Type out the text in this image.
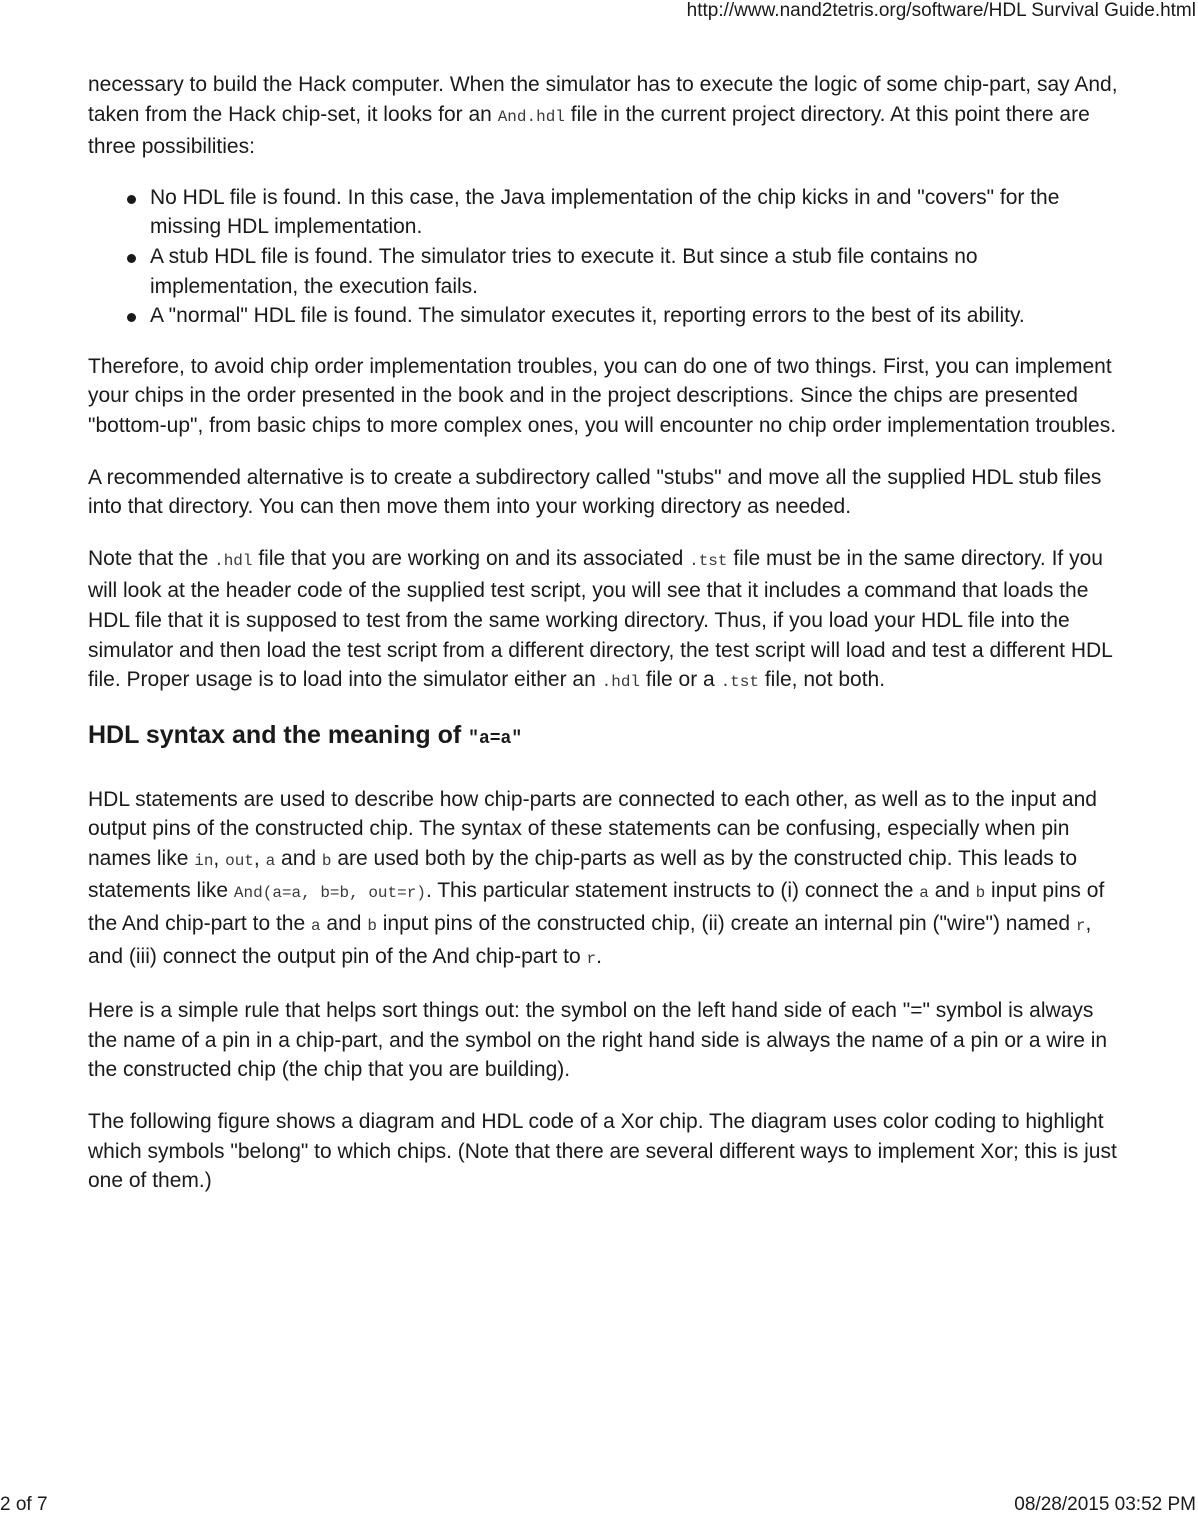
http://www.nand2tetris.org/software/HDL Survival Guide.html

necessary to build the Hack computer. When the simulator has to execute the logic of some chip-part, say And, taken from the Hack chip-set, it looks for an And.hdl file in the current project directory. At this point there are three possibilities:

No HDL file is found. In this case, the Java implementation of the chip kicks in and "covers" for the missing HDL implementation.
A stub HDL file is found. The simulator tries to execute it. But since a stub file contains no implementation, the execution fails.
A "normal" HDL file is found. The simulator executes it, reporting errors to the best of its ability.

Therefore, to avoid chip order implementation troubles, you can do one of two things. First, you can implement your chips in the order presented in the book and in the project descriptions. Since the chips are presented "bottom-up", from basic chips to more complex ones, you will encounter no chip order implementation troubles.

A recommended alternative is to create a subdirectory called "stubs" and move all the supplied HDL stub files into that directory. You can then move them into your working directory as needed.

Note that the .hdl file that you are working on and its associated .tst file must be in the same directory. If you will look at the header code of the supplied test script, you will see that it includes a command that loads the HDL file that it is supposed to test from the same working directory. Thus, if you load your HDL file into the simulator and then load the test script from a different directory, the test script will load and test a different HDL file. Proper usage is to load into the simulator either an .hdl file or a .tst file, not both.

HDL syntax and the meaning of "a=a"

HDL statements are used to describe how chip-parts are connected to each other, as well as to the input and output pins of the constructed chip. The syntax of these statements can be confusing, especially when pin names like in, out, a and b are used both by the chip-parts as well as by the constructed chip. This leads to statements like And(a=a, b=b, out=r). This particular statement instructs to (i) connect the a and b input pins of the And chip-part to the a and b input pins of the constructed chip, (ii) create an internal pin ("wire") named r, and (iii) connect the output pin of the And chip-part to r.

Here is a simple rule that helps sort things out: the symbol on the left hand side of each "=" symbol is always the name of a pin in a chip-part, and the symbol on the right hand side is always the name of a pin or a wire in the constructed chip (the chip that you are building).

The following figure shows a diagram and HDL code of a Xor chip. The diagram uses color coding to highlight which symbols "belong" to which chips. (Note that there are several different ways to implement Xor; this is just one of them.)

2 of 7	08/28/2015 03:52 PM
